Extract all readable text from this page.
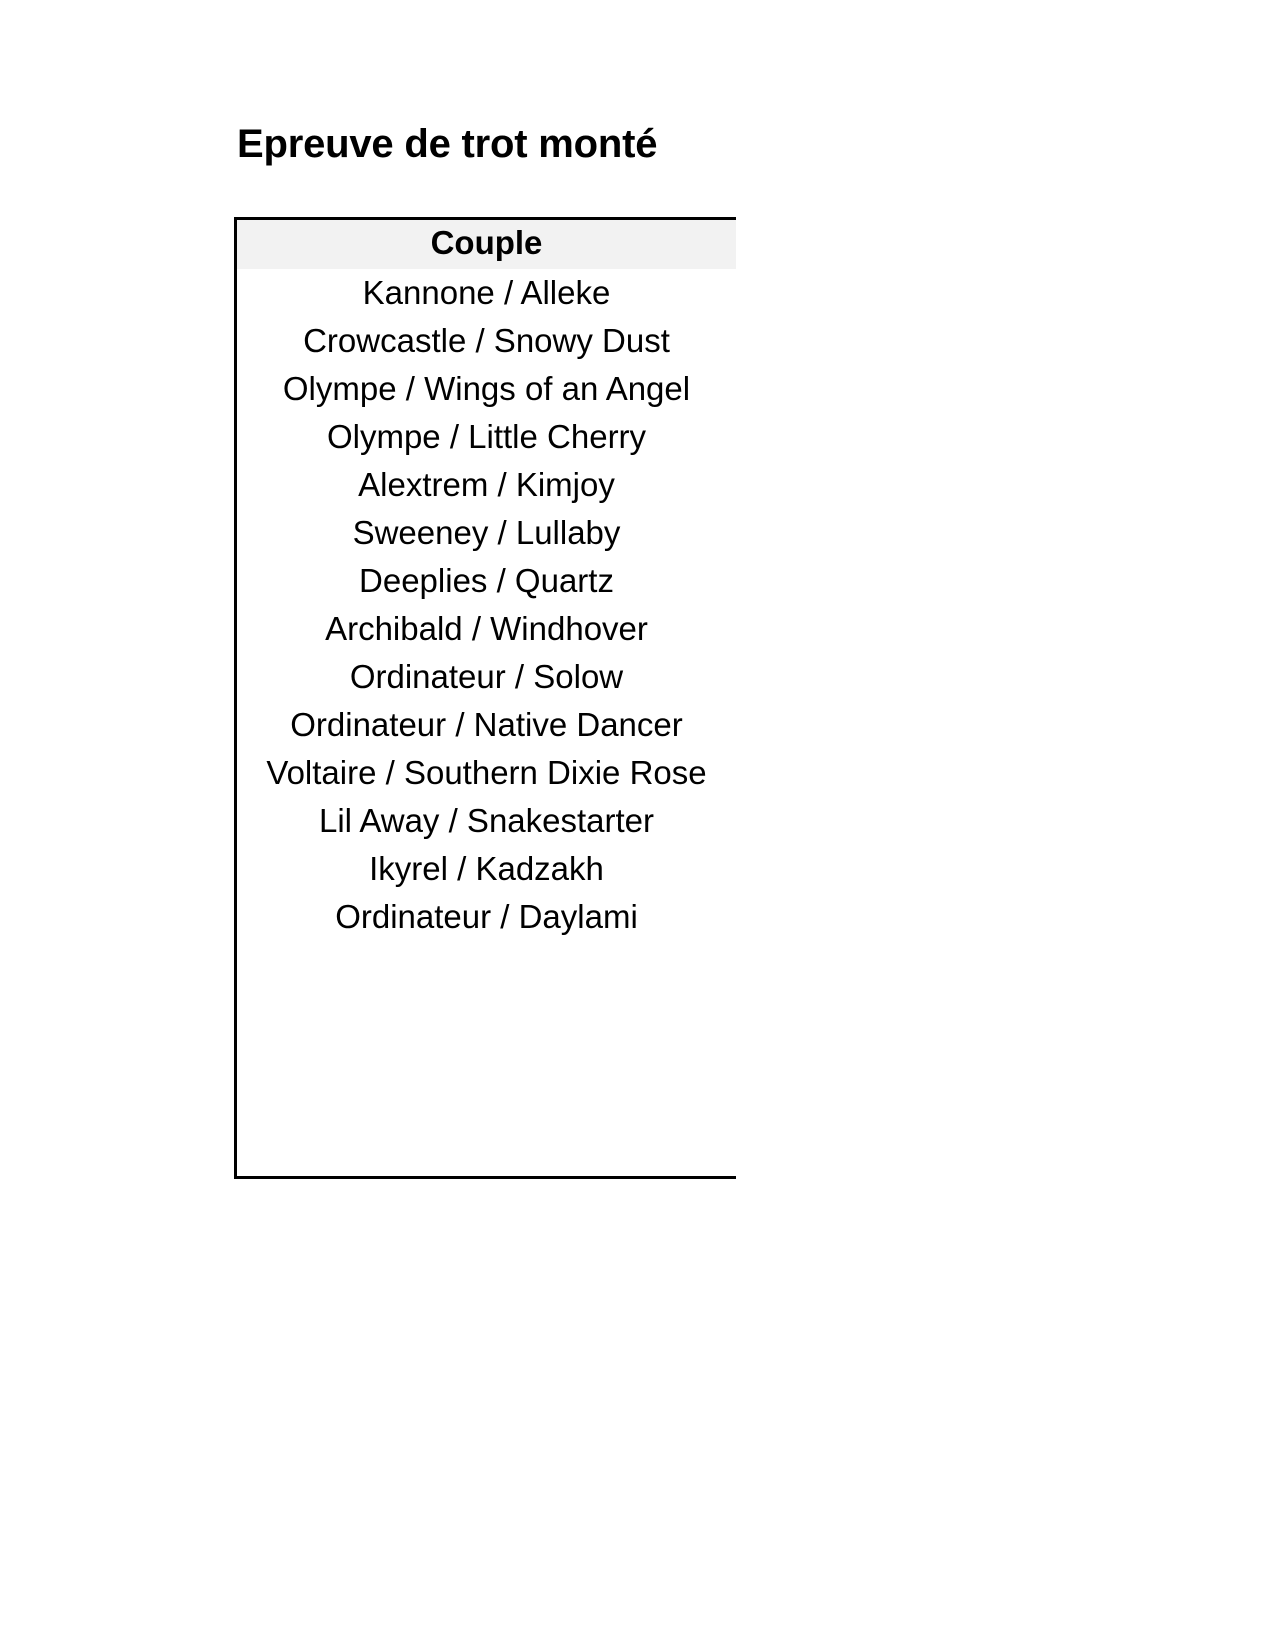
Epreuve de trot monté
Couple
Kannone / Alleke
Crowcastle / Snowy Dust
Olympe / Wings of an Angel
Olympe / Little Cherry
Alextrem / Kimjoy
Sweeney / Lullaby
Deeplies / Quartz
Archibald / Windhover
Ordinateur / Solow
Ordinateur / Native Dancer
Voltaire / Southern Dixie Rose
Lil Away / Snakestarter
Ikyrel / Kadzakh
Ordinateur / Daylami
